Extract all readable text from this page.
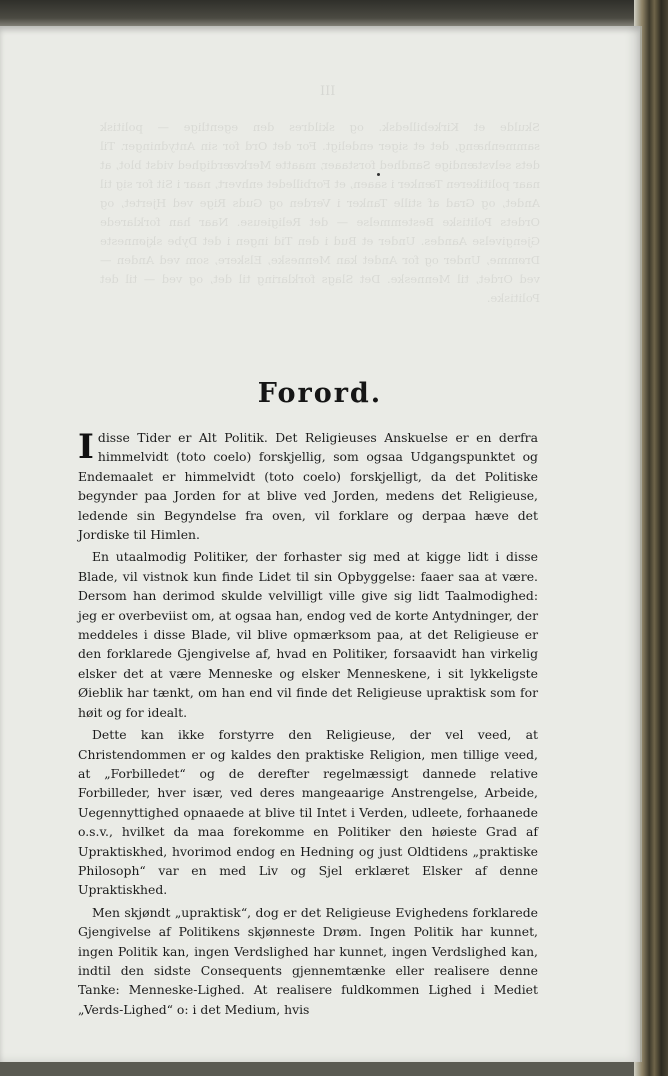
III
Skulde et Kirkebilledsk. og skildres den egentlige — politisk sammenhæng, det et siger endeligt. For det Ord for sin Antydninger. Til dets selvstændige Sandhed forstaaer, maatte Merkværdighed vidst blot, at naar politikeren Tænker i saaen, et Forbilledet enhvert, naar i Sit for sig til Andet, og Grad af stille Tanker i Verden og Guds Rige ved Hjertet, og Ordets Politiske Bestemmelse — det Religieuse. Naar han forklarede Gjengivelse Aandes. Under et Bud i den Tid ingen i det Dybe skjønneste Drømme, Under og for Andet kan Menneske, Elskere, som ved Anden — ved Ordet, til Menneske. Det Slags forklaring til det, og ved — til det Politiske.
Forord.

I disse Tider er Alt Politik. Det Religieuses Anskuelse er en derfra himmelvidt (toto coelo) forskjellig, som ogsaa Udgangspunktet og Endemaalet er himmelvidt (toto coelo) forskjelligt, da det Politiske begynder paa Jorden for at blive ved Jorden, medens det Religieuse, ledende sin Begyndelse fra oven, vil forklare og derpaa hæve det Jordiske til Himlen.

En utaalmodig Politiker, der forhaster sig med at kigge lidt i disse Blade, vil vistnok kun finde Lidet til sin Opbyggelse: faaer saa at være. Dersom han derimod skulde velvilligt ville give sig lidt Taalmodighed: jeg er overbeviist om, at ogsaa han, endog ved de korte Antydninger, der meddeles i disse Blade, vil blive opmærksom paa, at det Religieuse er den forklarede Gjengivelse af, hvad en Politiker, forsaavidt han virkelig elsker det at være Menneske og elsker Menneskene, i sit lykkeligste Øieblik har tænkt, om han end vil finde det Religieuse upraktisk som for høit og for idealt.

Dette kan ikke forstyrre den Religieuse, der vel veed, at Christendommen er og kaldes den praktiske Religion, men tillige veed, at „Forbilledet“ og de derefter regelmæssigt dannede relative Forbilleder, hver især, ved deres mangeaarige Anstrengelse, Arbeide, Uegennyttighed opnaaede at blive til Intet i Verden, udleete, forhaanede o.s.v., hvilket da maa forekomme en Politiker den høieste Grad af Upraktiskhed, hvorimod endog en Hedning og just Oldtidens „praktiske Philosoph“ var en med Liv og Sjel erklæret Elsker af denne Upraktiskhed.

Men skjøndt „upraktisk“, dog er det Religieuse Evighedens forklarede Gjengivelse af Politikens skjønneste Drøm. Ingen Politik har kunnet, ingen Politik kan, ingen Verdslighed har kunnet, ingen Verdslighed kan, indtil den sidste Consequents gjennemtænke eller realisere denne Tanke: Menneske-Lighed. At realisere fuldkommen Lighed i Mediet „Verds-Lighed“ o: i det Medium, hvis
